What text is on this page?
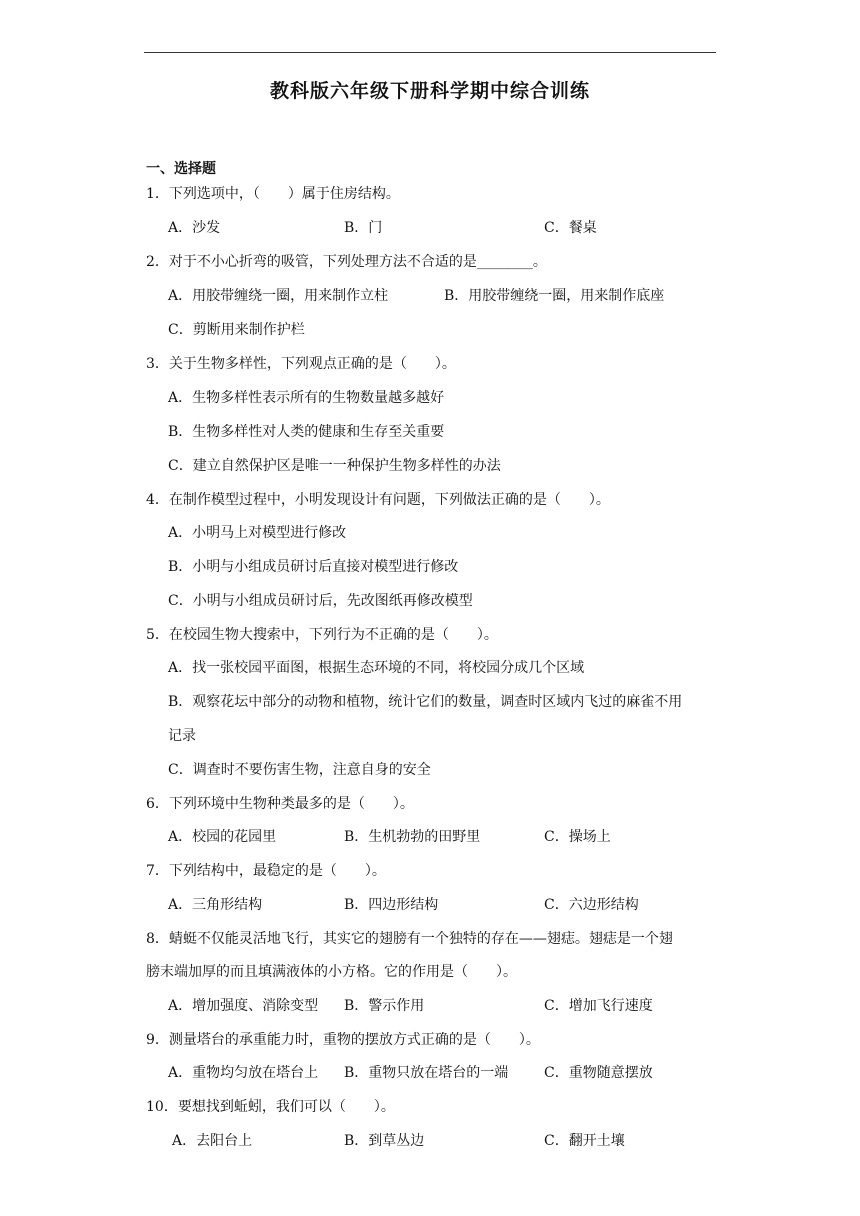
教科版六年级下册科学期中综合训练
一、选择题
1．下列选项中，（　　）属于住房结构。
A．沙发	B．门	C．餐桌
2．对于不小心折弯的吸管，下列处理方法不合适的是________。
A．用胶带缠绕一圈，用来制作立柱	B．用胶带缠绕一圈，用来制作底座
C．剪断用来制作护栏
3．关于生物多样性，下列观点正确的是（　　）。
A．生物多样性表示所有的生物数量越多越好
B．生物多样性对人类的健康和生存至关重要
C．建立自然保护区是唯一一种保护生物多样性的办法
4．在制作模型过程中，小明发现设计有问题，下列做法正确的是（　　）。
A．小明马上对模型进行修改
B．小明与小组成员研讨后直接对模型进行修改
C．小明与小组成员研讨后，先改图纸再修改模型
5．在校园生物大搜索中，下列行为不正确的是（　　）。
A．找一张校园平面图，根据生态环境的不同，将校园分成几个区域
B．观察花坛中部分的动物和植物，统计它们的数量，调查时区域内飞过的麻雀不用
记录
C．调查时不要伤害生物，注意自身的安全
6．下列环境中生物种类最多的是（　　）。
A．校园的花园里	B．生机勃勃的田野里	C．操场上
7．下列结构中，最稳定的是（　　）。
A．三角形结构	B．四边形结构	C．六边形结构
8．蜻蜓不仅能灵活地飞行，其实它的翅膀有一个独特的存在——翅痣。翅痣是一个翅
膀末端加厚的而且填满液体的小方格。它的作用是（　　）。
A．增加强度、消除变型 B．警示作用	C．增加飞行速度
9．测量塔台的承重能力时，重物的摆放方式正确的是（　　）。
A．重物均匀放在塔台上 B．重物只放在塔台的一端	C．重物随意摆放
10．要想找到蚯蚓，我们可以（　　）。
A．去阳台上	B．到草丛边	C．翻开土壤
